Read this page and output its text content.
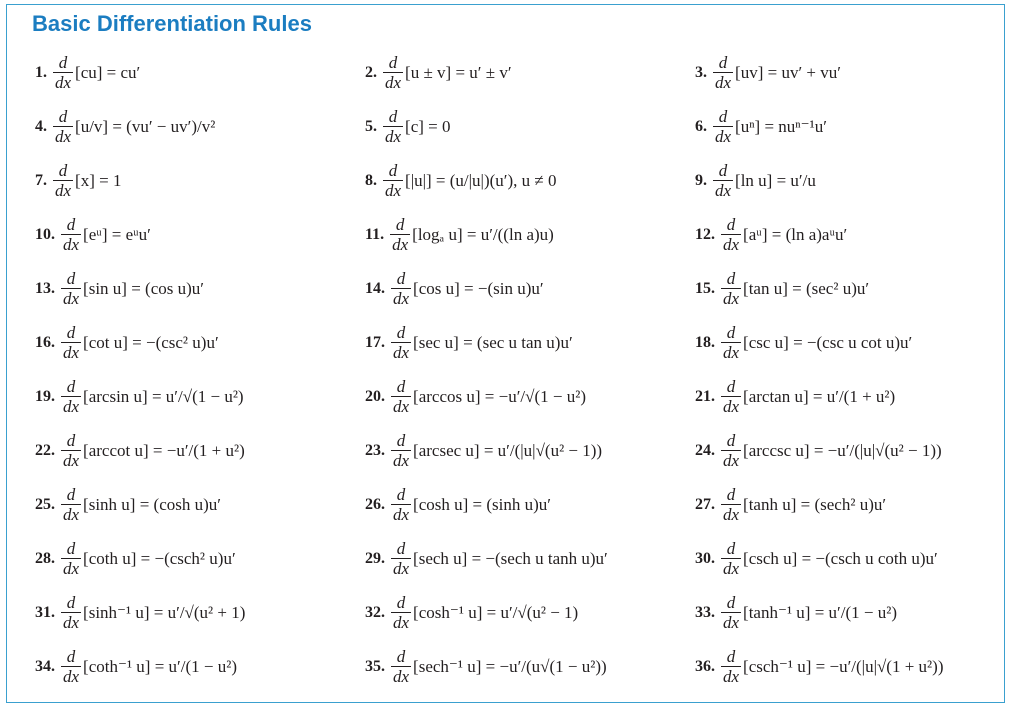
Basic Differentiation Rules
1. $\frac{d}{dx} [cu] = cu'$	2. $\frac{d}{dx} [u \pm v] = u' \pm v'$	3. $\frac{d}{dx} [uv] = uv' + vu'$
4. $\frac{d}{dx} [u/v] = (vu' - uv')/v^2$	5. $\frac{d}{dx} [c] = 0$	6. $\frac{d}{dx} [u^n] = nu^{n-1}u'$
7. $\frac{d}{dx} [x] = 1$	8. $\frac{d}{dx} [|u|] = (u/|u|)(u')$, u ≠ 0	9. $\frac{d}{dx} [\ln$ u] = u′/u
10. $\frac{d}{dx}$ [eᵘ] = eᵘu′	11. $\frac{d}{dx} [\log_a$ u] = u′/((ln a)u)	12. $\frac{d}{dx}$ [aᵘ] = (ln a)aᵘu′
13. $\frac{d}{dx} [\sin$ u] = (cos u)u′	14. $\frac{d}{dx} [\cos$ u] = −(sin u)u′	15. $\frac{d}{dx} [\tan$ u] = (sec² u)u′
16. $\frac{d}{dx} [\cot$ u] = −(csc² u)u′	17. $\frac{d}{dx} [\sec$ u] = (sec u tan u)u′	18. $\frac{d}{dx} [\csc$ u] = −(csc u cot u)u′
19. $\frac{d}{dx} [\arcsin$ u] = u′/√(1 − u²)	20. $\frac{d}{dx} [\arccos$ u] = −u′/√(1 − u²)	21. $\frac{d}{dx} [\arctan$ u] = u′/(1 + u²)
22. $\frac{d}{dx} [arccot$ u] = −u′/(1 + u²)	23. $\frac{d}{dx} [arcsec$ u] = u′/(|u|√(u² − 1))	24. $\frac{d}{dx} [arccsc$ u] = −u′/(|u|√(u² − 1))
25. $\frac{d}{dx} [\sinh$ u] = (cosh u)u′	26. $\frac{d}{dx} [\cosh$ u] = (sinh u)u′	27. $\frac{d}{dx} [\tanh$ u] = (sech² u)u′
28. $\frac{d}{dx} [\cot h$ u] = −(csch² u)u′	29. $\frac{d}{dx} [\sec h$ u] = −(sech u tanh u)u′	30. $\frac{d}{dx} [\csc h$ u] = −(csch u coth u)u′
31. $\frac{d}{dx} [\sinh^{-1}$ u] = u′/√(u² + 1)	32. $\frac{d}{dx} [\cosh^{-1}$ u] = u′/√(u² − 1)	33. $\frac{d}{dx} [\tanh^{-1}$ u] = u′/(1 − u²)
34. $\frac{d}{dx} [\cot h^{-1}$ u] = u′/(1 − u²)	35. $\frac{d}{dx} [\sec h^{-1}$ u] = −u′/(u√(1 − u²))	36. $\frac{d}{dx} [\csc h^{-1}$ u] = −u′/(|u|√(1 + u²))
